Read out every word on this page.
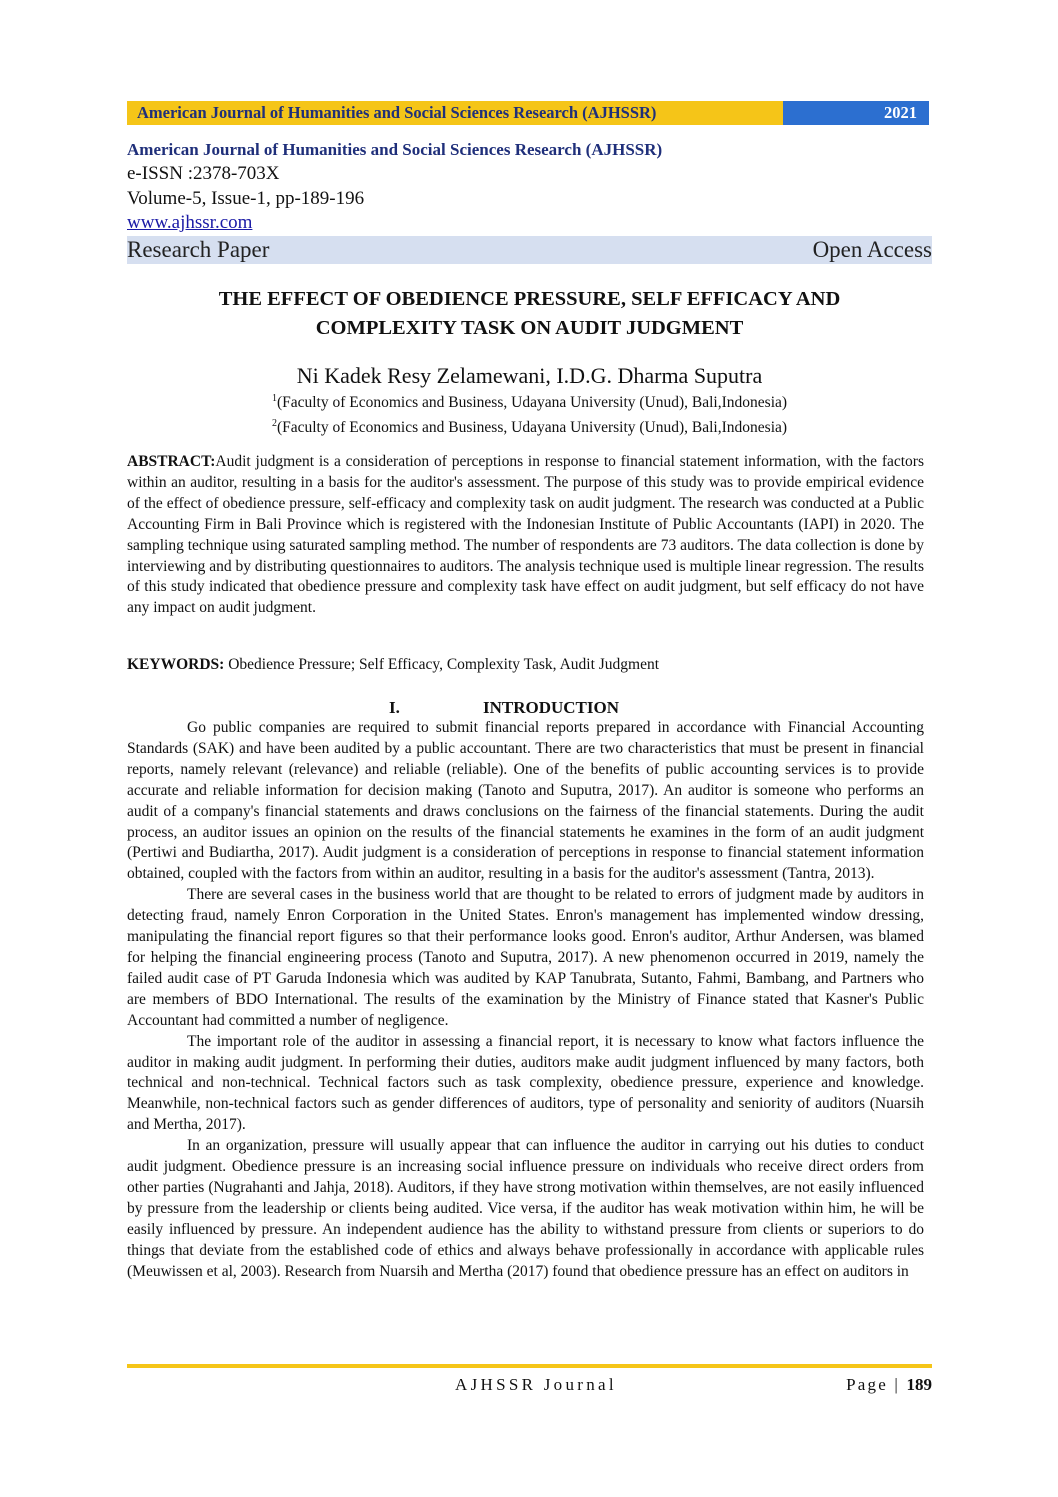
American Journal of Humanities and Social Sciences Research (AJHSSR)	2021
American Journal of Humanities and Social Sciences Research (AJHSSR)
e-ISSN :2378-703X
Volume-5, Issue-1, pp-189-196
www.ajhssr.com
Research Paper	Open Access
THE EFFECT OF OBEDIENCE PRESSURE, SELF EFFICACY AND
COMPLEXITY TASK ON AUDIT JUDGMENT
Ni Kadek Resy Zelamewani, I.D.G. Dharma Suputra
$^1$(Faculty of Economics and Business, Udayana University (Unud), Bali,Indonesia)
$^2$(Faculty of Economics and Business, Udayana University (Unud), Bali,Indonesia)

ABSTRACT:Audit judgment is a consideration of perceptions in response to financial statement information, with the factors within an auditor, resulting in a basis for the auditor's assessment. The purpose of this study was to provide empirical evidence of the effect of obedience pressure, self-efficacy and complexity task on audit judgment. The research was conducted at a Public Accounting Firm in Bali Province which is registered with the Indonesian Institute of Public Accountants (IAPI) in 2020. The sampling technique using saturated sampling method. The number of respondents are 73 auditors. The data collection is done by interviewing and by distributing questionnaires to auditors. The analysis technique used is multiple linear regression. The results of this study indicated that obedience pressure and complexity task have effect on audit judgment, but self efficacy do not have any impact on audit judgment.

KEYWORDS: Obedience Pressure; Self Efficacy, Complexity Task, Audit Judgment

I.	INTRODUCTION

Go public companies are required to submit financial reports prepared in accordance with Financial Accounting Standards (SAK) and have been audited by a public accountant. There are two characteristics that must be present in financial reports, namely relevant (relevance) and reliable (reliable). One of the benefits of public accounting services is to provide accurate and reliable information for decision making (Tanoto and Suputra, 2017). An auditor is someone who performs an audit of a company's financial statements and draws conclusions on the fairness of the financial statements. During the audit process, an auditor issues an opinion on the results of the financial statements he examines in the form of an audit judgment (Pertiwi and Budiartha, 2017). Audit judgment is a consideration of perceptions in response to financial statement information obtained, coupled with the factors from within an auditor, resulting in a basis for the auditor's assessment (Tantra, 2013).

There are several cases in the business world that are thought to be related to errors of judgment made by auditors in detecting fraud, namely Enron Corporation in the United States. Enron's management has implemented window dressing, manipulating the financial report figures so that their performance looks good. Enron's auditor, Arthur Andersen, was blamed for helping the financial engineering process (Tanoto and Suputra, 2017). A new phenomenon occurred in 2019, namely the failed audit case of PT Garuda Indonesia which was audited by KAP Tanubrata, Sutanto, Fahmi, Bambang, and Partners who are members of BDO International. The results of the examination by the Ministry of Finance stated that Kasner's Public Accountant had committed a number of negligence.

The important role of the auditor in assessing a financial report, it is necessary to know what factors influence the auditor in making audit judgment. In performing their duties, auditors make audit judgment influenced by many factors, both technical and non-technical. Technical factors such as task complexity, obedience pressure, experience and knowledge. Meanwhile, non-technical factors such as gender differences of auditors, type of personality and seniority of auditors (Nuarsih and Mertha, 2017).

In an organization, pressure will usually appear that can influence the auditor in carrying out his duties to conduct audit judgment. Obedience pressure is an increasing social influence pressure on individuals who receive direct orders from other parties (Nugrahanti and Jahja, 2018). Auditors, if they have strong motivation within themselves, are not easily influenced by pressure from the leadership or clients being audited. Vice versa, if the auditor has weak motivation within him, he will be easily influenced by pressure. An independent audience has the ability to withstand pressure from clients or superiors to do things that deviate from the established code of ethics and always behave professionally in accordance with applicable rules (Meuwissen et al, 2003). Research from Nuarsih and Mertha (2017) found that obedience pressure has an effect on auditors in

AJHSSR Journal	Page | 189
